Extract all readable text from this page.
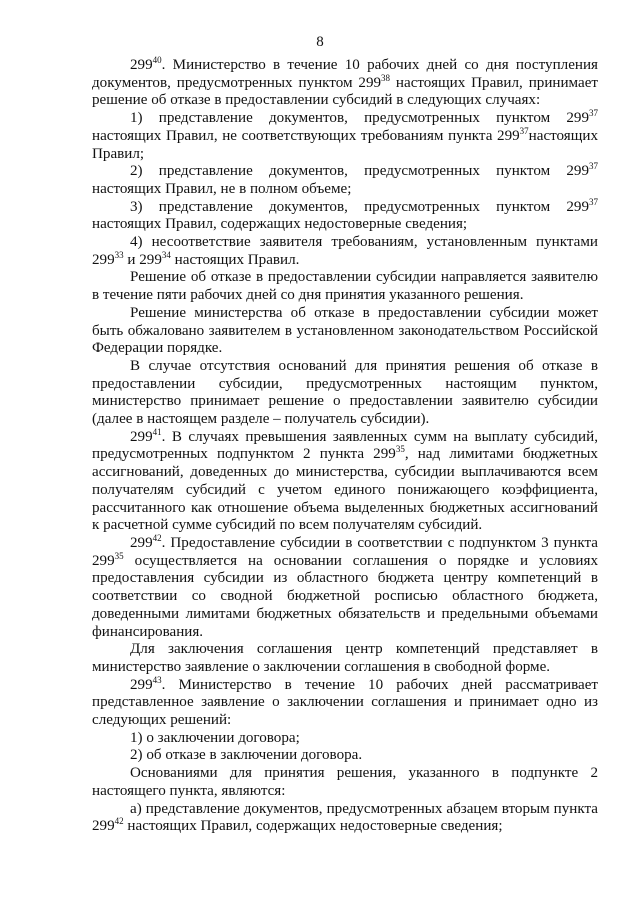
8

$299^{40}$. Министерство в течение 10 рабочих дней со дня поступления документов, предусмотренных пунктом $299^{38}$ настоящих Правил, принимает решение об отказе в предоставлении субсидий в следующих случаях:

1) представление документов, предусмотренных пунктом $299^{37}$ настоящих Правил, не соответствующих требованиям пункта $299^{37}настоящих$ Правил;

2) представление документов, предусмотренных пунктом $299^{37}$ настоящих Правил, не в полном объеме;

3) представление документов, предусмотренных пунктом $299^{37}$ настоящих Правил, содержащих недостоверные сведения;

4) несоответствие заявителя требованиям, установленным пунктами $299^{33}$ и $299^{34}$ настоящих Правил.

Решение об отказе в предоставлении субсидии направляется заявителю в течение пяти рабочих дней со дня принятия указанного решения.

Решение министерства об отказе в предоставлении субсидии может быть обжаловано заявителем в установленном законодательством Российской Федерации порядке.

В случае отсутствия оснований для принятия решения об отказе в предоставлении субсидии, предусмотренных настоящим пунктом, министерство принимает решение о предоставлении заявителю субсидии (далее в настоящем разделе – получатель субсидии).

$299^{41}$. В случаях превышения заявленных сумм на выплату субсидий, предусмотренных подпунктом 2 пункта $299^{35}$, над лимитами бюджетных ассигнований, доведенных до министерства, субсидии выплачиваются всем получателям субсидий с учетом единого понижающего коэффициента, рассчитанного как отношение объема выделенных бюджетных ассигнований к расчетной сумме субсидий по всем получателям субсидий.

$299^{42}$. Предоставление субсидии в соответствии с подпунктом 3 пункта $299^{35}$ осуществляется на основании соглашения о порядке и условиях предоставления субсидии из областного бюджета центру компетенций в соответствии со сводной бюджетной росписью областного бюджета, доведенными лимитами бюджетных обязательств и предельными объемами финансирования.

Для заключения соглашения центр компетенций представляет в министерство заявление о заключении соглашения в свободной форме.

$299^{43}$. Министерство в течение 10 рабочих дней рассматривает представленное заявление о заключении соглашения и принимает одно из следующих решений:

1) о заключении договора;

2) об отказе в заключении договора.

Основаниями для принятия решения, указанного в подпункте 2 настоящего пункта, являются:

а) представление документов, предусмотренных абзацем вторым пункта $299^{42}$ настоящих Правил, содержащих недостоверные сведения;
